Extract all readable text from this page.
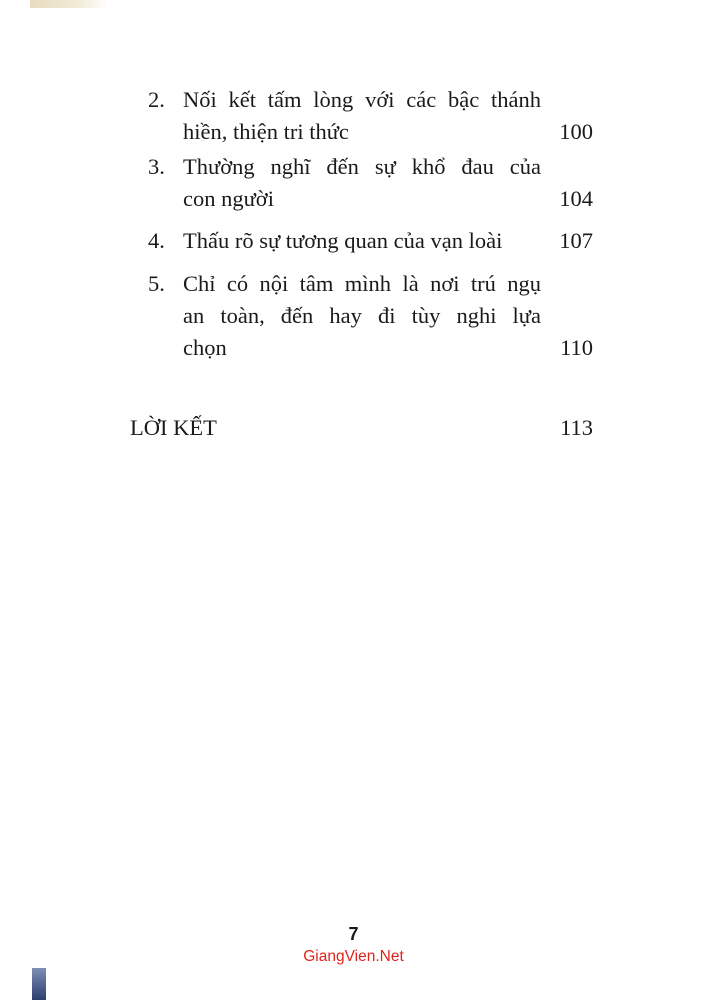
2. Nối kết tấm lòng với các bậc thánh
hiền, thiện tri thức	100
3. Thường nghĩ đến sự khổ đau của
con người	104
4. Thấu rõ sự tương quan của vạn loài	107
5. Chỉ có nội tâm mình là nơi trú ngụ
an toàn, đến hay đi tùy nghi lựa
chọn	110
LỜI KẾT	113
7
GiangVien.Net
